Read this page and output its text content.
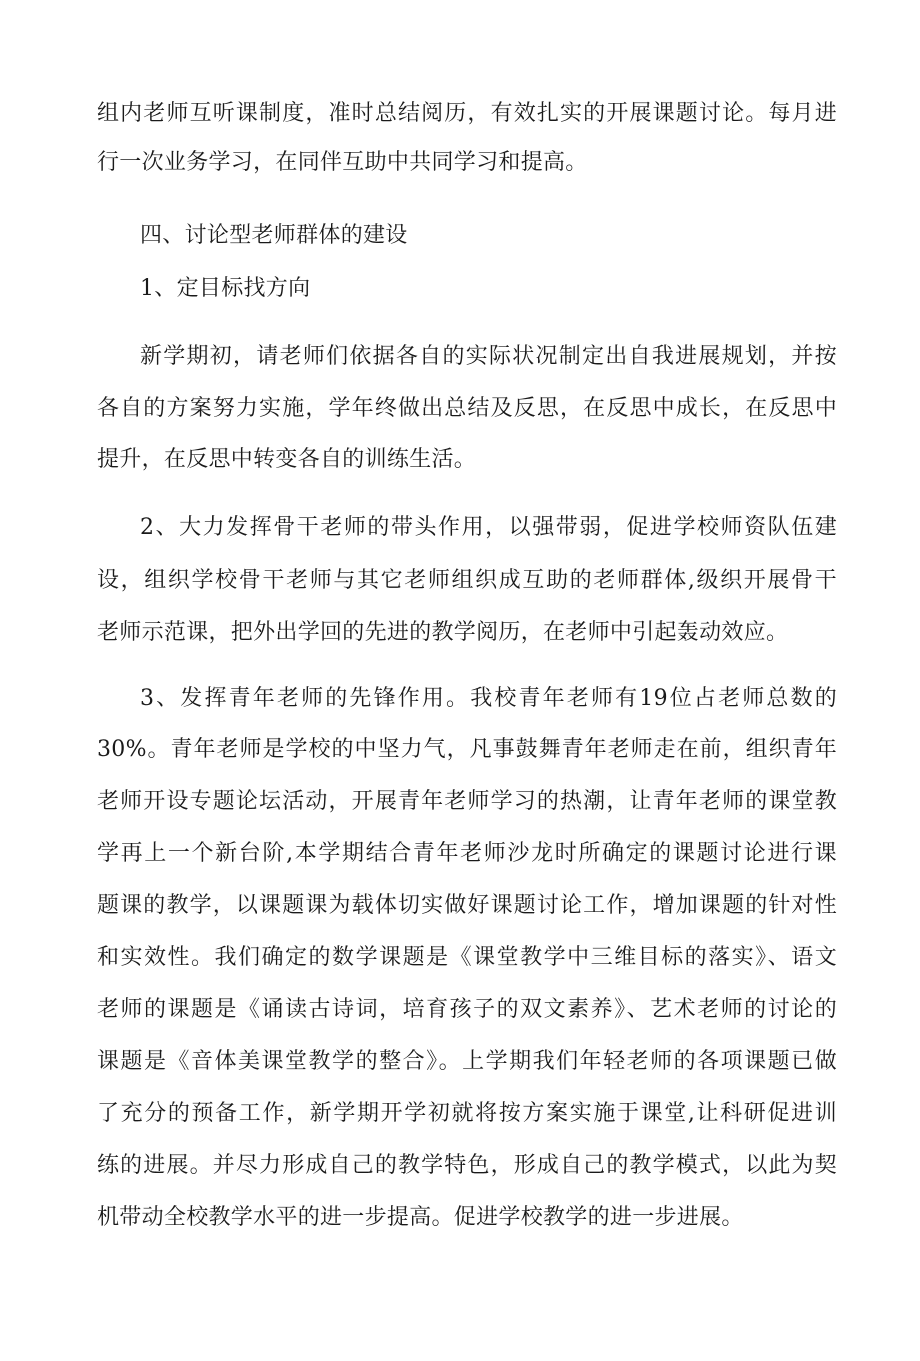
组内老师互听课制度，准时总结阅历，有效扎实的开展课题讨论。每月进
行一次业务学习，在同伴互助中共同学习和提高。
四、讨论型老师群体的建设
1、定目标找方向
新学期初，请老师们依据各自的实际状况制定出自我进展规划，并按
各自的方案努力实施，学年终做出总结及反思，在反思中成长，在反思中
提升，在反思中转变各自的训练生活。
2、大力发挥骨干老师的带头作用，以强带弱，促进学校师资队伍建
设，组织学校骨干老师与其它老师组织成互助的老师群体,级织开展骨干
老师示范课，把外出学回的先进的教学阅历，在老师中引起轰动效应。
3、发挥青年老师的先锋作用。我校青年老师有19位占老师总数的
30%。青年老师是学校的中坚力气，凡事鼓舞青年老师走在前，组织青年
老师开设专题论坛活动，开展青年老师学习的热潮，让青年老师的课堂教
学再上一个新台阶,本学期结合青年老师沙龙时所确定的课题讨论进行课
题课的教学，以课题课为载体切实做好课题讨论工作，增加课题的针对性
和实效性。我们确定的数学课题是《课堂教学中三维目标的落实》、语文
老师的课题是《诵读古诗词，培育孩子的双文素养》、艺术老师的讨论的
课题是《音体美课堂教学的整合》。上学期我们年轻老师的各项课题已做
了充分的预备工作，新学期开学初就将按方案实施于课堂,让科研促进训
练的进展。并尽力形成自己的教学特色，形成自己的教学模式，以此为契
机带动全校教学水平的进一步提高。促进学校教学的进一步进展。
